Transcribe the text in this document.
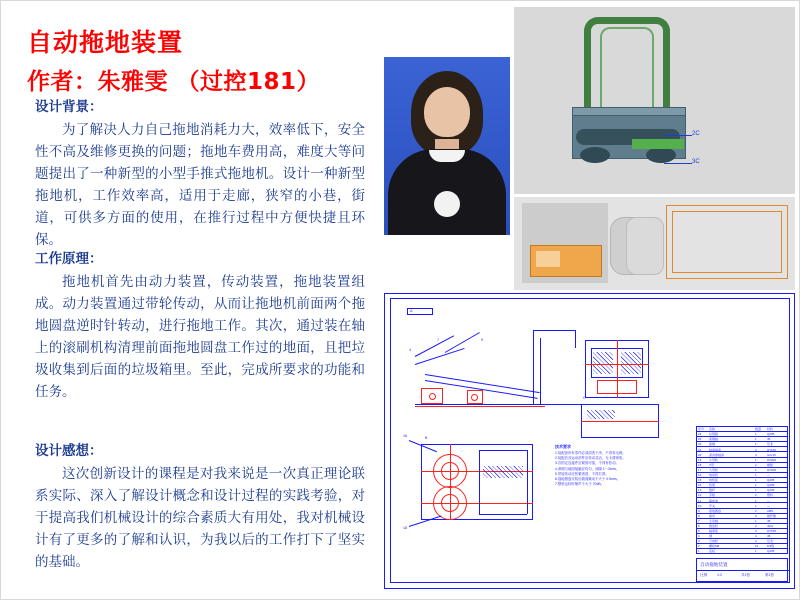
自动拖地装置
作者：朱雅雯 （过控181）
设计背景：

为了解决人力自己拖地消耗力大，效率低下，安全性不高及维修更换的问题；拖地车费用高，难度大等问题提出了一种新型的小型手推式拖地机。设计一种新型拖地机，工作效率高，适用于走廊，狭窄的小巷，街道，可供多方面的使用，在推行过程中方便快捷且环保。

工作原理：

拖地机首先由动力装置，传动装置，拖地装置组成。动力装置通过带轮传动，从而让拖地机前面两个拖地圆盘逆时针转动，进行拖地工作。其次，通过装在轴上的滚刷机构清理前面拖地圆盘工作过的地面，且把垃圾收集到后面的垃圾箱里。至此，完成所要求的功能和任务。

设计感想：

这次创新设计的课程是对我来说是一次真正理论联系实际、深入了解设计概念和设计过程的实践考验，对于提高我们机械设计的综合素质大有用处，我对机械设计有了更多的了解和认识，为我以后的工作打下了坚实的基础。

2C
3C
A
4
7	9
B
16
18
C
技术要求
1.装配前所有零件必须清洗干净，不得有毛刺。
2.装配后各运动部件应转动灵活，无卡滞现象。
3.各固定连接件应紧固可靠，不得有松动。
4.滚刷与地面接触应均匀，间隙 1～3mm。
5.带轮传动应张紧适度，不得打滑。
6.拖地圆盘安装后端面跳动不大于 0.5mm。
7.整机运转时噪声不大于 70dB。
序号 名称	数量 材料
24	垃圾箱	1	Q235
23	滚刷轴	1	45
22	滚刷	1	尼龙
21	轴承端盖	2	HT150
20	深沟球轴承	4	GCr15
19	小带轮	1	HT200
18	V带	2	橡胶
17	大带轮	1	HT200
16	电动机	1	—
15	电机座	1	Q235
14	机架	1	Q235
13	推杆	1	Q235
12	手柄	2	塑料
11	蓄电池	1	—
10	开关	1	—
9	拖地圆盘	2	ABS
8	拖布	2	棉纤维
7	主动轴	1	45
6	锥齿轮	2	40Cr
5	轴承座	4	HT150
4	键	4	45
3	万向轮	2	尼龙
2	螺栓M8	12	8.8级
1	底板	1	Q235
自动拖地装置
比例	1:2	共1张	第1张
